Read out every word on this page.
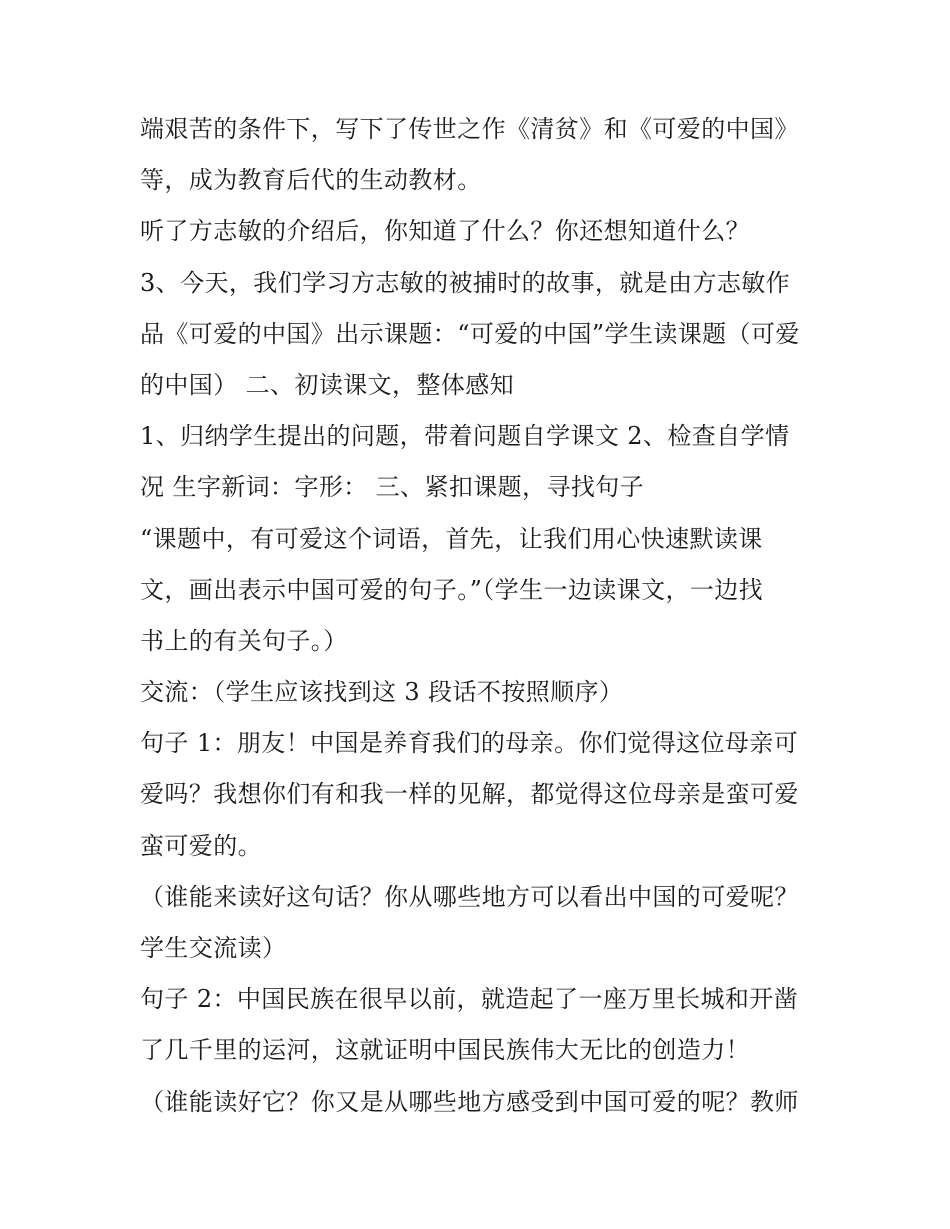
端艰苦的条件下，写下了传世之作《清贫》和《可爱的中国》
等，成为教育后代的生动教材。
听了方志敏的介绍后，你知道了什么？你还想知道什么？
3、今天，我们学习方志敏的被捕时的故事，就是由方志敏作
品《可爱的中国》出示课题：“可爱的中国”学生读课题（可爱
的中国） 二、初读课文，整体感知
1、归纳学生提出的问题，带着问题自学课文 2、检查自学情
况 生字新词：字形： 三、紧扣课题，寻找句子
“课题中，有可爱这个词语，首先，让我们用心快速默读课
文，画出表示中国可爱的句子。”（学生一边读课文，一边找
书上的有关句子。）
交流：（学生应该找到这 3 段话不按照顺序）
句子 1：朋友！中国是养育我们的母亲。你们觉得这位母亲可
爱吗？我想你们有和我一样的见解，都觉得这位母亲是蛮可爱
蛮可爱的。
（谁能来读好这句话？你从哪些地方可以看出中国的可爱呢？
学生交流读）
句子 2：中国民族在很早以前，就造起了一座万里长城和开凿
了几千里的运河，这就证明中国民族伟大无比的创造力！
（谁能读好它？你又是从哪些地方感受到中国可爱的呢？教师
